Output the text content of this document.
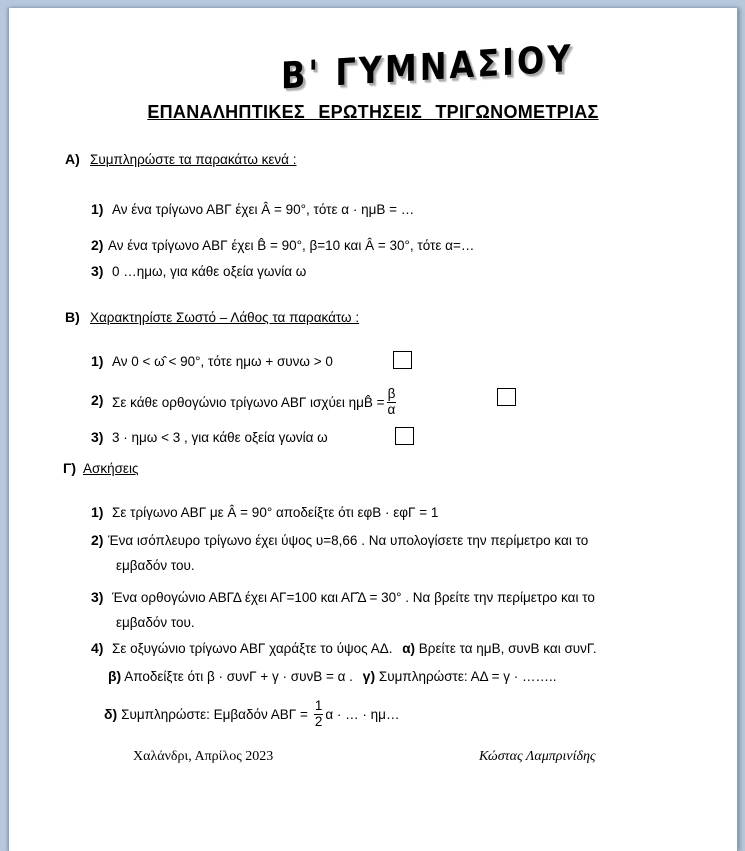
Β' ΓΥΜΝΑΣΙΟΥ
ΕΠΑΝΑΛΗΠΤΙΚΕΣ ΕΡΩΤΗΣΕΙΣ ΤΡΙΓΩΝΟΜΕΤΡΙΑΣ
Α) Συμπληρώστε τα παρακάτω κενά :
1) Αν ένα τρίγωνο ΑΒΓ έχει Â = 90°, τότε α · ημΒ = …
2) Αν ένα τρίγωνο ΑΒΓ έχει B̂ = 90°, β=10 και Â = 30°, τότε α=…
3) 0 …ημω, για κάθε οξεία γωνία ω
Β) Χαρακτηρίστε Σωστό – Λάθος τα παρακάτω :
1) Αν 0 < ω̂ < 90°, τότε ημω + συνω > 0
2) Σε κάθε ορθογώνιο τρίγωνο ΑΒΓ ισχύει ημB̂ = $\frac{\beta}{\alpha}$
3) 3 · ημω < 3 , για κάθε οξεία γωνία ω
Γ) Ασκήσεις
1) Σε τρίγωνο ΑΒΓ με Â = 90° αποδείξτε ότι εφΒ · εφΓ = 1
2) Ένα ισόπλευρο τρίγωνο έχει ύψος υ=8,66 . Να υπολογίσετε την περίμετρο και το
εμβαδόν του.
3) Ένα ορθογώνιο ΑΒΓΔ έχει ΑΓ=100 και ΑΓ̂Δ = 30° . Να βρείτε την περίμετρο και το
εμβαδόν του.
4) Σε οξυγώνιο τρίγωνο ΑΒΓ χαράξτε το ύψος ΑΔ. α) Βρείτε τα ημΒ, συνΒ και συνΓ.
β) Αποδείξτε ότι β · συνΓ + γ · συνΒ = α . γ) Συμπληρώστε: ΑΔ = γ · ……..
δ) Συμπληρώστε: Εμβαδόν $AB\Gamma = \frac{1}{2}$ α · … · ημ…
Χαλάνδρι, Απρίλος 2023	Κώστας Λαμπρινίδης
